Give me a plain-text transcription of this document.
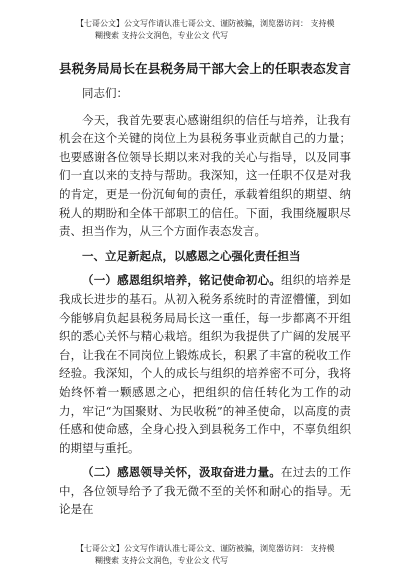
【七哥公文】公文写作请认准七哥公文、谨防被骗，浏览器访问： 支持模
糊搜索 支持公文润色，专业公文 代写
县税务局局长在县税务局干部大会上的任职表态发言

同志们：

今天，我首先要衷心感谢组织的信任与培养，让我有机会在这个关键的岗位上为县税务事业贡献自己的力量；也要感谢各位领导长期以来对我的关心与指导，以及同事们一直以来的支持与帮助。我深知，这一任职不仅是对我的肯定，更是一份沉甸甸的责任，承载着组织的期望、纳税人的期盼和全体干部职工的信任。下面，我围绕履职尽责、担当作为，从三个方面作表态发言。

一、立足新起点，以感恩之心强化责任担当

（一）感恩组织培养，铭记使命初心。组织的培养是我成长进步的基石。从初入税务系统时的青涩懵懂，到如今能够肩负起县税务局局长这一重任，每一步都离不开组织的悉心关怀与精心栽培。组织为我提供了广阔的发展平台，让我在不同岗位上锻炼成长，积累了丰富的税收工作经验。我深知，个人的成长与组织的培养密不可分，我将始终怀着一颗感恩之心，把组织的信任转化为工作的动力，牢记“为国聚财、为民收税”的神圣使命，以高度的责任感和使命感，全身心投入到县税务工作中，不辜负组织的期望与重托。

（二）感恩领导关怀，汲取奋进力量。在过去的工作中，各位领导给予了我无微不至的关怀和耐心的指导。无论是在

【七哥公文】公文写作请认准七哥公文、谨防被骗，浏览器访问： 支持模
糊搜索 支持公文润色，专业公文 代写
